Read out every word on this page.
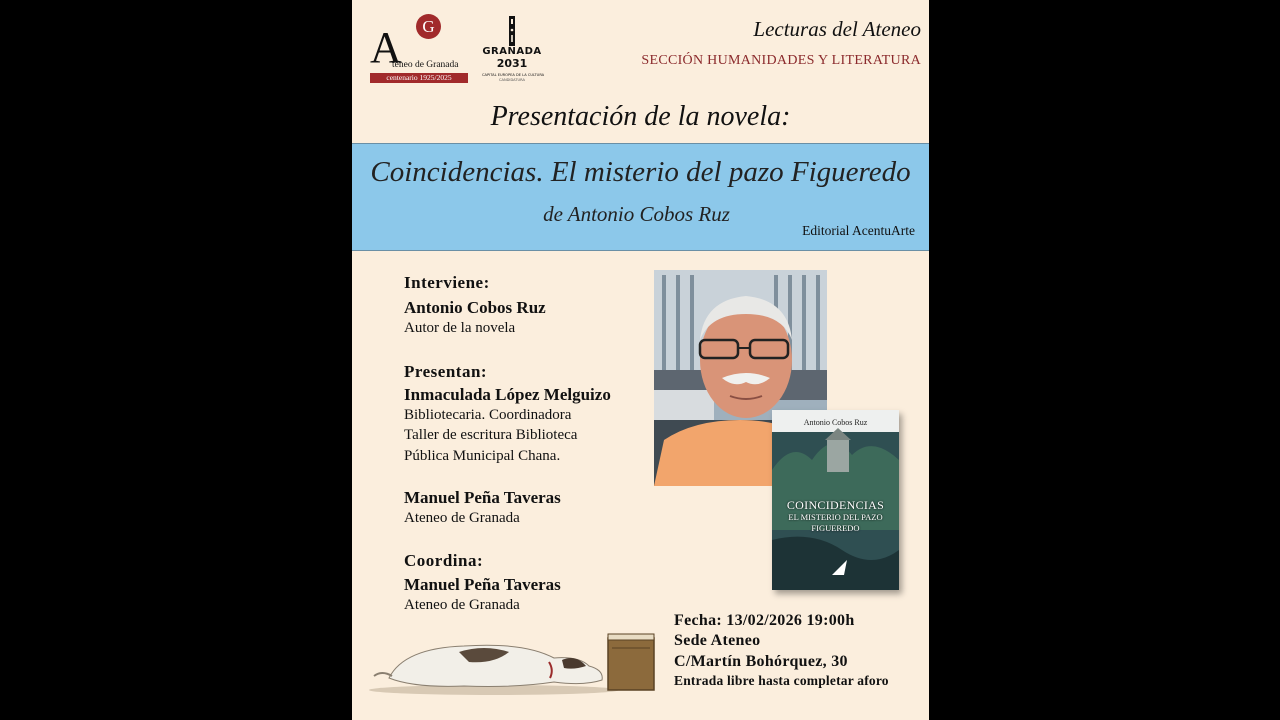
A	G
teneo de Granada
centenario 1925/2025
GRANADA
2031
CAPITAL EUROPEA DE LA CULTURA
CANDIDATURA
Lecturas del Ateneo
SECCIÓN HUMANIDADES Y LITERATURA
Presentación de la novela:
Coincidencias. El misterio del pazo Figueredo
de Antonio Cobos Ruz
Editorial AcentuArte
Interviene:
Antonio Cobos Ruz
Autor de la novela
Presentan:
Inmaculada López Melguizo
Bibliotecaria. Coordinadora
Taller de escritura Biblioteca
Pública Municipal Chana.
Manuel Peña Taveras
Ateneo de Granada
Coordina:
Manuel Peña Taveras
Ateneo de Granada
Antonio Cobos Ruz
COINCIDENCIAS
EL MISTERIO DEL PAZO
FIGUEREDO
Fecha: 13/02/2026 19:00h
Sede Ateneo
C/Martín Bohórquez, 30
Entrada libre hasta completar aforo
